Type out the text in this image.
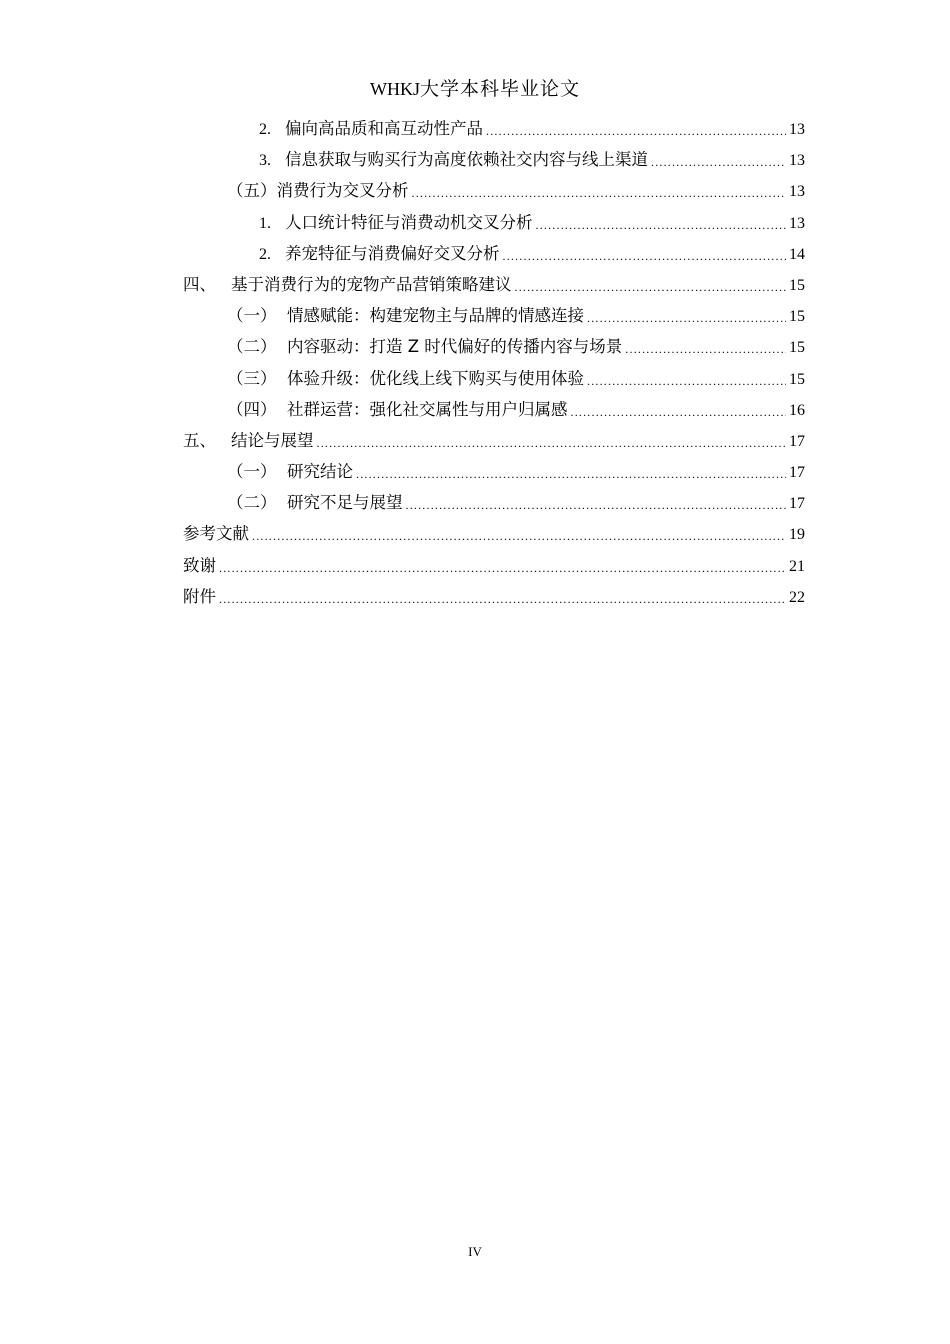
WHKJ大学本科毕业论文
2. 偏向高品质和高互动性产品 .....	13
3. 信息获取与购买行为高度依赖社交内容与线上渠道 .....	13
（五）消费行为交叉分析 .....	13
1. 人口统计特征与消费动机交叉分析 .....	13
2. 养宠特征与消费偏好交叉分析 .....	14
四、 基于消费行为的宠物产品营销策略建议 .....	15
（一） 情感赋能：构建宠物主与品牌的情感连接 .....	15
（二） 内容驱动：打造 Z 时代偏好的传播内容与场景 .....	15
（三） 体验升级：优化线上线下购买与使用体验 .....	15
（四） 社群运营：强化社交属性与用户归属感 .....	16
五、 结论与展望 .....	17
（一） 研究结论 .....	17
（二） 研究不足与展望 .....	17
参考文献 .....	19
致谢 .....	21
附件 .....	22
IV
